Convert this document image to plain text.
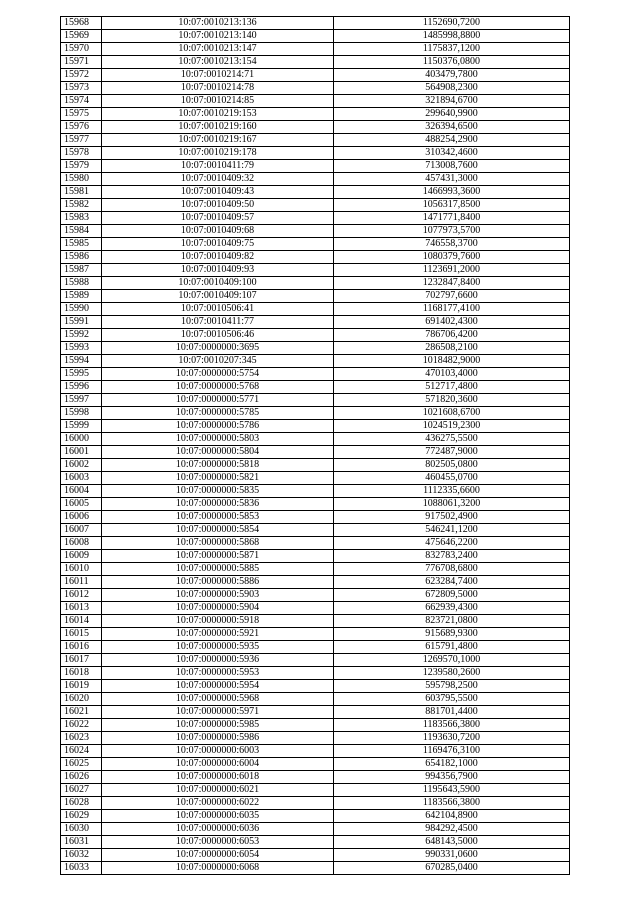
15968	10:07:0010213:136	1152690,7200
15969	10:07:0010213:140	1485998,8800
15970	10:07:0010213:147	1175837,1200
15971	10:07:0010213:154	1150376,0800
15972	10:07:0010214:71	403479,7800
15973	10:07:0010214:78	564908,2300
15974	10:07:0010214:85	321894,6700
15975	10:07:0010219:153	299640,9900
15976	10:07:0010219:160	326394,6500
15977	10:07:0010219:167	488254,2900
15978	10:07:0010219:178	310342,4600
15979	10:07:0010411:79	713008,7600
15980	10:07:0010409:32	457431,3000
15981	10:07:0010409:43	1466993,3600
15982	10:07:0010409:50	1056317,8500
15983	10:07:0010409:57	1471771,8400
15984	10:07:0010409:68	1077973,5700
15985	10:07:0010409:75	746558,3700
15986	10:07:0010409:82	1080379,7600
15987	10:07:0010409:93	1123691,2000
15988	10:07:0010409:100	1232847,8400
15989	10:07:0010409:107	702797,6600
15990	10:07:0010506:41	1168177,4100
15991	10:07:0010411:77	691402,4300
15992	10:07:0010506:46	786706,4200
15993	10:07:0000000:3695	286508,2100
15994	10:07:0010207:345	1018482,9000
15995	10:07:0000000:5754	470103,4000
15996	10:07:0000000:5768	512717,4800
15997	10:07:0000000:5771	571820,3600
15998	10:07:0000000:5785	1021608,6700
15999	10:07:0000000:5786	1024519,2300
16000	10:07:0000000:5803	436275,5500
16001	10:07:0000000:5804	772487,9000
16002	10:07:0000000:5818	802505,0800
16003	10:07:0000000:5821	460455,0700
16004	10:07:0000000:5835	1112335,6600
16005	10:07:0000000:5836	1088061,3200
16006	10:07:0000000:5853	917502,4900
16007	10:07:0000000:5854	546241,1200
16008	10:07:0000000:5868	475646,2200
16009	10:07:0000000:5871	832783,2400
16010	10:07:0000000:5885	776708,6800
16011	10:07:0000000:5886	623284,7400
16012	10:07:0000000:5903	672809,5000
16013	10:07:0000000:5904	662939,4300
16014	10:07:0000000:5918	823721,0800
16015	10:07:0000000:5921	915689,9300
16016	10:07:0000000:5935	615791,4800
16017	10:07:0000000:5936	1269570,1000
16018	10:07:0000000:5953	1239580,2600
16019	10:07:0000000:5954	595798,2500
16020	10:07:0000000:5968	603795,5500
16021	10:07:0000000:5971	881701,4400
16022	10:07:0000000:5985	1183566,3800
16023	10:07:0000000:5986	1193630,7200
16024	10:07:0000000:6003	1169476,3100
16025	10:07:0000000:6004	654182,1000
16026	10:07:0000000:6018	994356,7900
16027	10:07:0000000:6021	1195643,5900
16028	10:07:0000000:6022	1183566,3800
16029	10:07:0000000:6035	642104,8900
16030	10:07:0000000:6036	984292,4500
16031	10:07:0000000:6053	648143,5000
16032	10:07:0000000:6054	990331,0600
16033	10:07:0000000:6068	670285,0400
